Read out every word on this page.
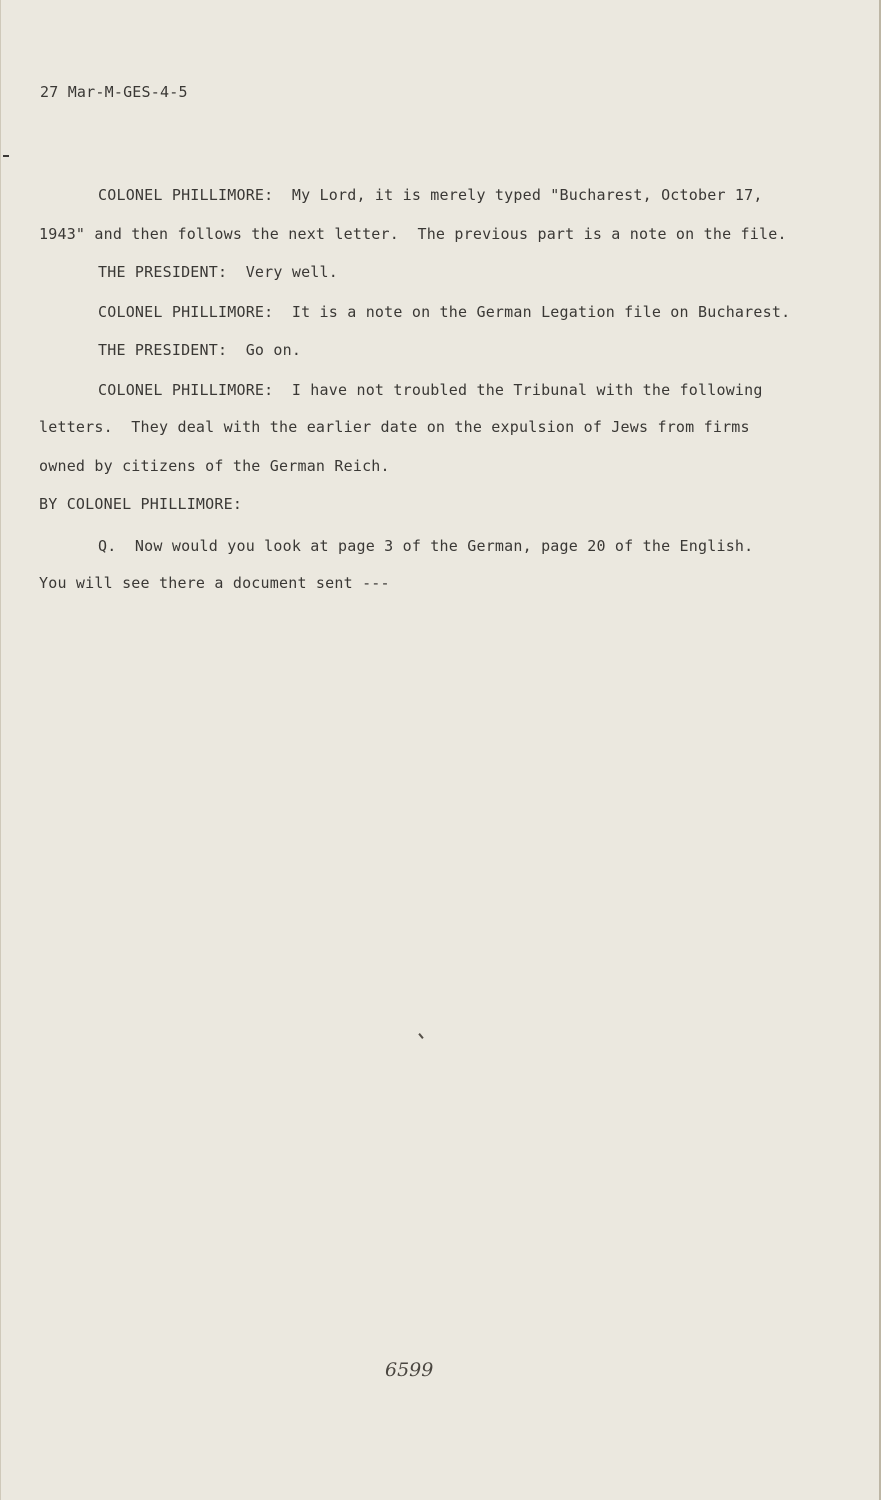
27 Mar-M-GES-4-5
COLONEL PHILLIMORE:  My Lord, it is merely typed "Bucharest, October 17,
1943" and then follows the next letter.  The previous part is a note on the file.
THE PRESIDENT:  Very well.
COLONEL PHILLIMORE:  It is a note on the German Legation file on Bucharest.
THE PRESIDENT:  Go on.
COLONEL PHILLIMORE:  I have not troubled the Tribunal with the following
letters.  They deal with the earlier date on the expulsion of Jews from firms
owned by citizens of the German Reich.
BY COLONEL PHILLIMORE:
Q.  Now would you look at page 3 of the German, page 20 of the English.
You will see there a document sent ---
6599
